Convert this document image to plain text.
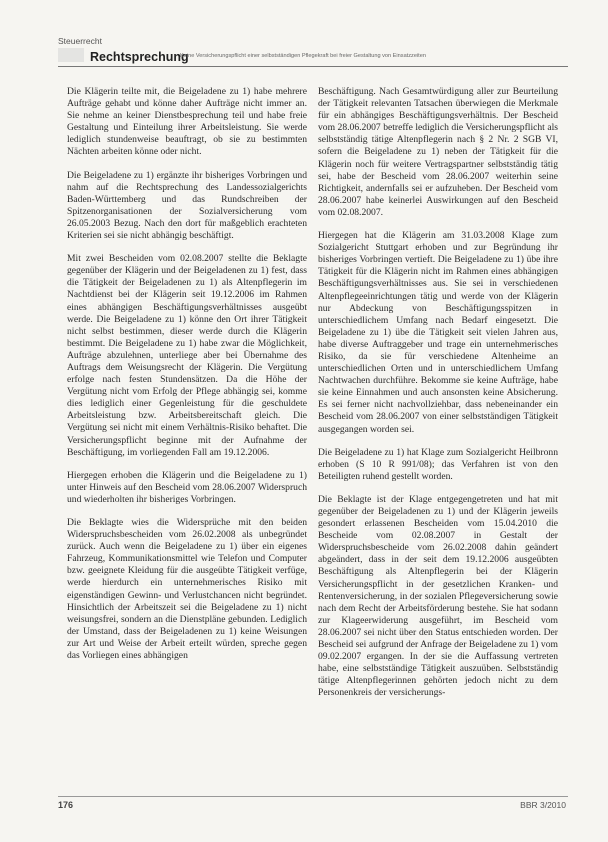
Steuerrecht
Rechtsprechung
Keine Versicherungspflicht einer selbstständigen Pflegekraft bei freier Gestaltung von Einsatzzeiten

Die Klägerin teilte mit, die Beigeladene zu 1) habe mehrere Aufträge gehabt und könne daher Aufträge nicht immer an. Sie nehme an keiner Dienstbesprechung teil und habe freie Gestaltung und Einteilung ihrer Arbeitsleistung. Sie werde lediglich stundenweise beauftragt, ob sie zu bestimmten Nächten arbeiten könne oder nicht.

Die Beigeladene zu 1) ergänzte ihr bisheriges Vorbringen und nahm auf die Rechtsprechung des Landessozialgerichts Baden-Württemberg und das Rundschreiben der Spitzenorganisationen der Sozialversicherung vom 26.05.2003 Bezug. Nach den dort für maßgeblich erachteten Kriterien sei sie nicht abhängig beschäftigt.

Mit zwei Bescheiden vom 02.08.2007 stellte die Beklagte gegenüber der Klägerin und der Beigeladenen zu 1) fest, dass die Tätigkeit der Beigeladenen zu 1) als Altenpflegerin im Nachtdienst bei der Klägerin seit 19.12.2006 im Rahmen eines abhängigen Beschäftigungsverhältnisses ausgeübt werde. Die Beigeladene zu 1) könne den Ort ihrer Tätigkeit nicht selbst bestimmen, dieser werde durch die Klägerin bestimmt. Die Beigeladene zu 1) habe zwar die Möglichkeit, Aufträge abzulehnen, unterliege aber bei Übernahme des Auftrags dem Weisungsrecht der Klägerin. Die Vergütung erfolge nach festen Stundensätzen. Da die Höhe der Vergütung nicht vom Erfolg der Pflege abhängig sei, komme dies lediglich einer Gegenleistung für die geschuldete Arbeitsleistung bzw. Arbeitsbereitschaft gleich. Die Vergütung sei nicht mit einem Verhältnis-Risiko behaftet. Die Versicherungspflicht beginne mit der Aufnahme der Beschäftigung, im vorliegenden Fall am 19.12.2006.

Hiergegen erhoben die Klägerin und die Beigeladene zu 1) unter Hinweis auf den Bescheid vom 28.06.2007 Widerspruch und wiederholten ihr bisheriges Vorbringen.

Die Beklagte wies die Widersprüche mit den beiden Widerspruchsbescheiden vom 26.02.2008 als unbegründet zurück. Auch wenn die Beigeladene zu 1) über ein eigenes Fahrzeug, Kommunikationsmittel wie Telefon und Computer bzw. geeignete Kleidung für die ausgeübte Tätigkeit verfüge, werde hierdurch ein unternehmerisches Risiko mit eigenständigen Gewinn- und Verlustchancen nicht begründet. Hinsichtlich der Arbeitszeit sei die Beigeladene zu 1) nicht weisungsfrei, sondern an die Dienstpläne gebunden. Lediglich der Umstand, dass der Beigeladenen zu 1) keine Weisungen zur Art und Weise der Arbeit erteilt würden, spreche gegen das Vorliegen eines abhängigen

Beschäftigung. Nach Gesamtwürdigung aller zur Beurteilung der Tätigkeit relevanten Tatsachen überwiegen die Merkmale für ein abhängiges Beschäftigungsverhältnis. Der Bescheid vom 28.06.2007 betreffe lediglich die Versicherungspflicht als selbstständig tätige Altenpflegerin nach § 2 Nr. 2 SGB VI, sofern die Beigeladene zu 1) neben der Tätigkeit für die Klägerin noch für weitere Vertragspartner selbstständig tätig sei, habe der Bescheid vom 28.06.2007 weiterhin seine Richtigkeit, andernfalls sei er aufzuheben. Der Bescheid vom 28.06.2007 habe keinerlei Auswirkungen auf den Bescheid vom 02.08.2007.

Hiergegen hat die Klägerin am 31.03.2008 Klage zum Sozialgericht Stuttgart erhoben und zur Begründung ihr bisheriges Vorbringen vertieft. Die Beigeladene zu 1) übe ihre Tätigkeit für die Klägerin nicht im Rahmen eines abhängigen Beschäftigungsverhältnisses aus. Sie sei in verschiedenen Altenpflegeeinrichtungen tätig und werde von der Klägerin nur Abdeckung von Beschäftigungsspitzen in unterschiedlichem Umfang nach Bedarf eingesetzt. Die Beigeladene zu 1) übe die Tätigkeit seit vielen Jahren aus, habe diverse Auftraggeber und trage ein unternehmerisches Risiko, da sie für verschiedene Altenheime an unterschiedlichen Orten und in unterschiedlichem Umfang Nachtwachen durchführe. Bekomme sie keine Aufträge, habe sie keine Einnahmen und auch ansonsten keine Absicherung. Es sei ferner nicht nachvollziehbar, dass nebeneinander ein Bescheid vom 28.06.2007 von einer selbstständigen Tätigkeit ausgegangen worden sei.

Die Beigeladene zu 1) hat Klage zum Sozialgericht Heilbronn erhoben (S 10 R 991/08); das Verfahren ist von den Beteiligten ruhend gestellt worden.

Die Beklagte ist der Klage entgegengetreten und hat mit gegenüber der Beigeladenen zu 1) und der Klägerin jeweils gesondert erlassenen Bescheiden vom 15.04.2010 die Bescheide vom 02.08.2007 in Gestalt der Widerspruchsbescheide vom 26.02.2008 dahin geändert abgeändert, dass in der seit dem 19.12.2006 ausgeübten Beschäftigung als Altenpflegerin bei der Klägerin Versicherungspflicht in der gesetzlichen Kranken- und Rentenversicherung, in der sozialen Pflegeversicherung sowie nach dem Recht der Arbeitsförderung bestehe. Sie hat sodann zur Klageerwiderung ausgeführt, im Bescheid vom 28.06.2007 sei nicht über den Status entschieden worden. Der Bescheid sei aufgrund der Anfrage der Beigeladene zu 1) vom 09.02.2007 ergangen. In der sie die Auffassung vertreten habe, eine selbstständige Tätigkeit auszuüben. Selbstständig tätige Altenpflegerinnen gehörten jedoch nicht zu dem Personenkreis der versicherungs-

176	BBR 3/2010
